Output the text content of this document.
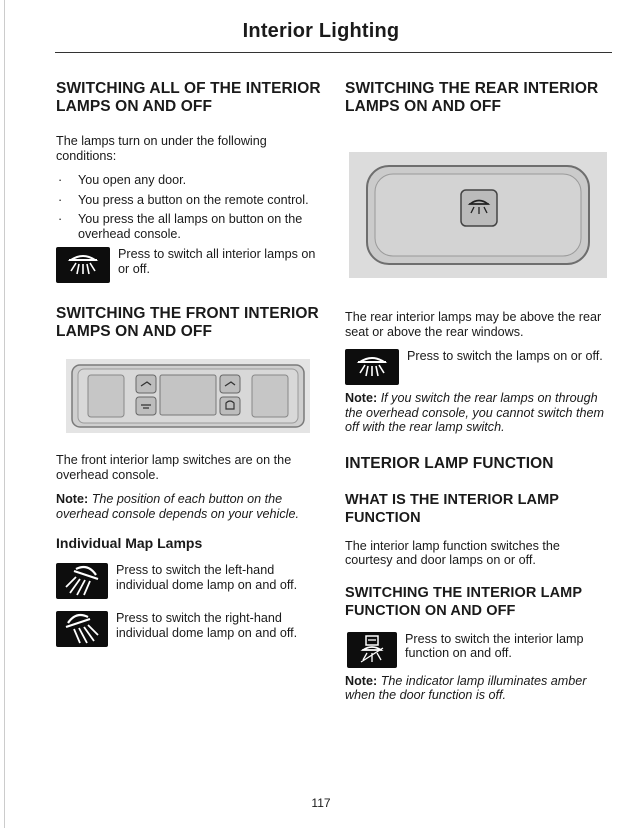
Interior Lighting
SWITCHING ALL OF THE INTERIOR LAMPS ON AND OFF

The lamps turn on under the following conditions:

· You open any door.
· You press a button on the remote control.
· You press the all lamps on button on the overhead console.
Press to switch all interior lamps on or off.
SWITCHING THE FRONT INTERIOR LAMPS ON AND OFF

The front interior lamp switches are on the overhead console.

Note: The position of each button on the overhead console depends on your vehicle.

Individual Map Lamps
Press to switch the left-hand individual dome lamp on and off.
Press to switch the right-hand individual dome lamp on and off.
SWITCHING THE REAR INTERIOR LAMPS ON AND OFF

The rear interior lamps may be above the rear seat or above the rear windows.

Press to switch the lamps on or off.

Note: If you switch the rear lamps on through the overhead console, you cannot switch them off with the rear lamp switch.

INTERIOR LAMP FUNCTION
WHAT IS THE INTERIOR LAMP FUNCTION

The interior lamp function switches the courtesy and door lamps on or off.

SWITCHING THE INTERIOR LAMP FUNCTION ON AND OFF
Press to switch the interior lamp function on and off.

Note: The indicator lamp illuminates amber when the door function is off.

117
